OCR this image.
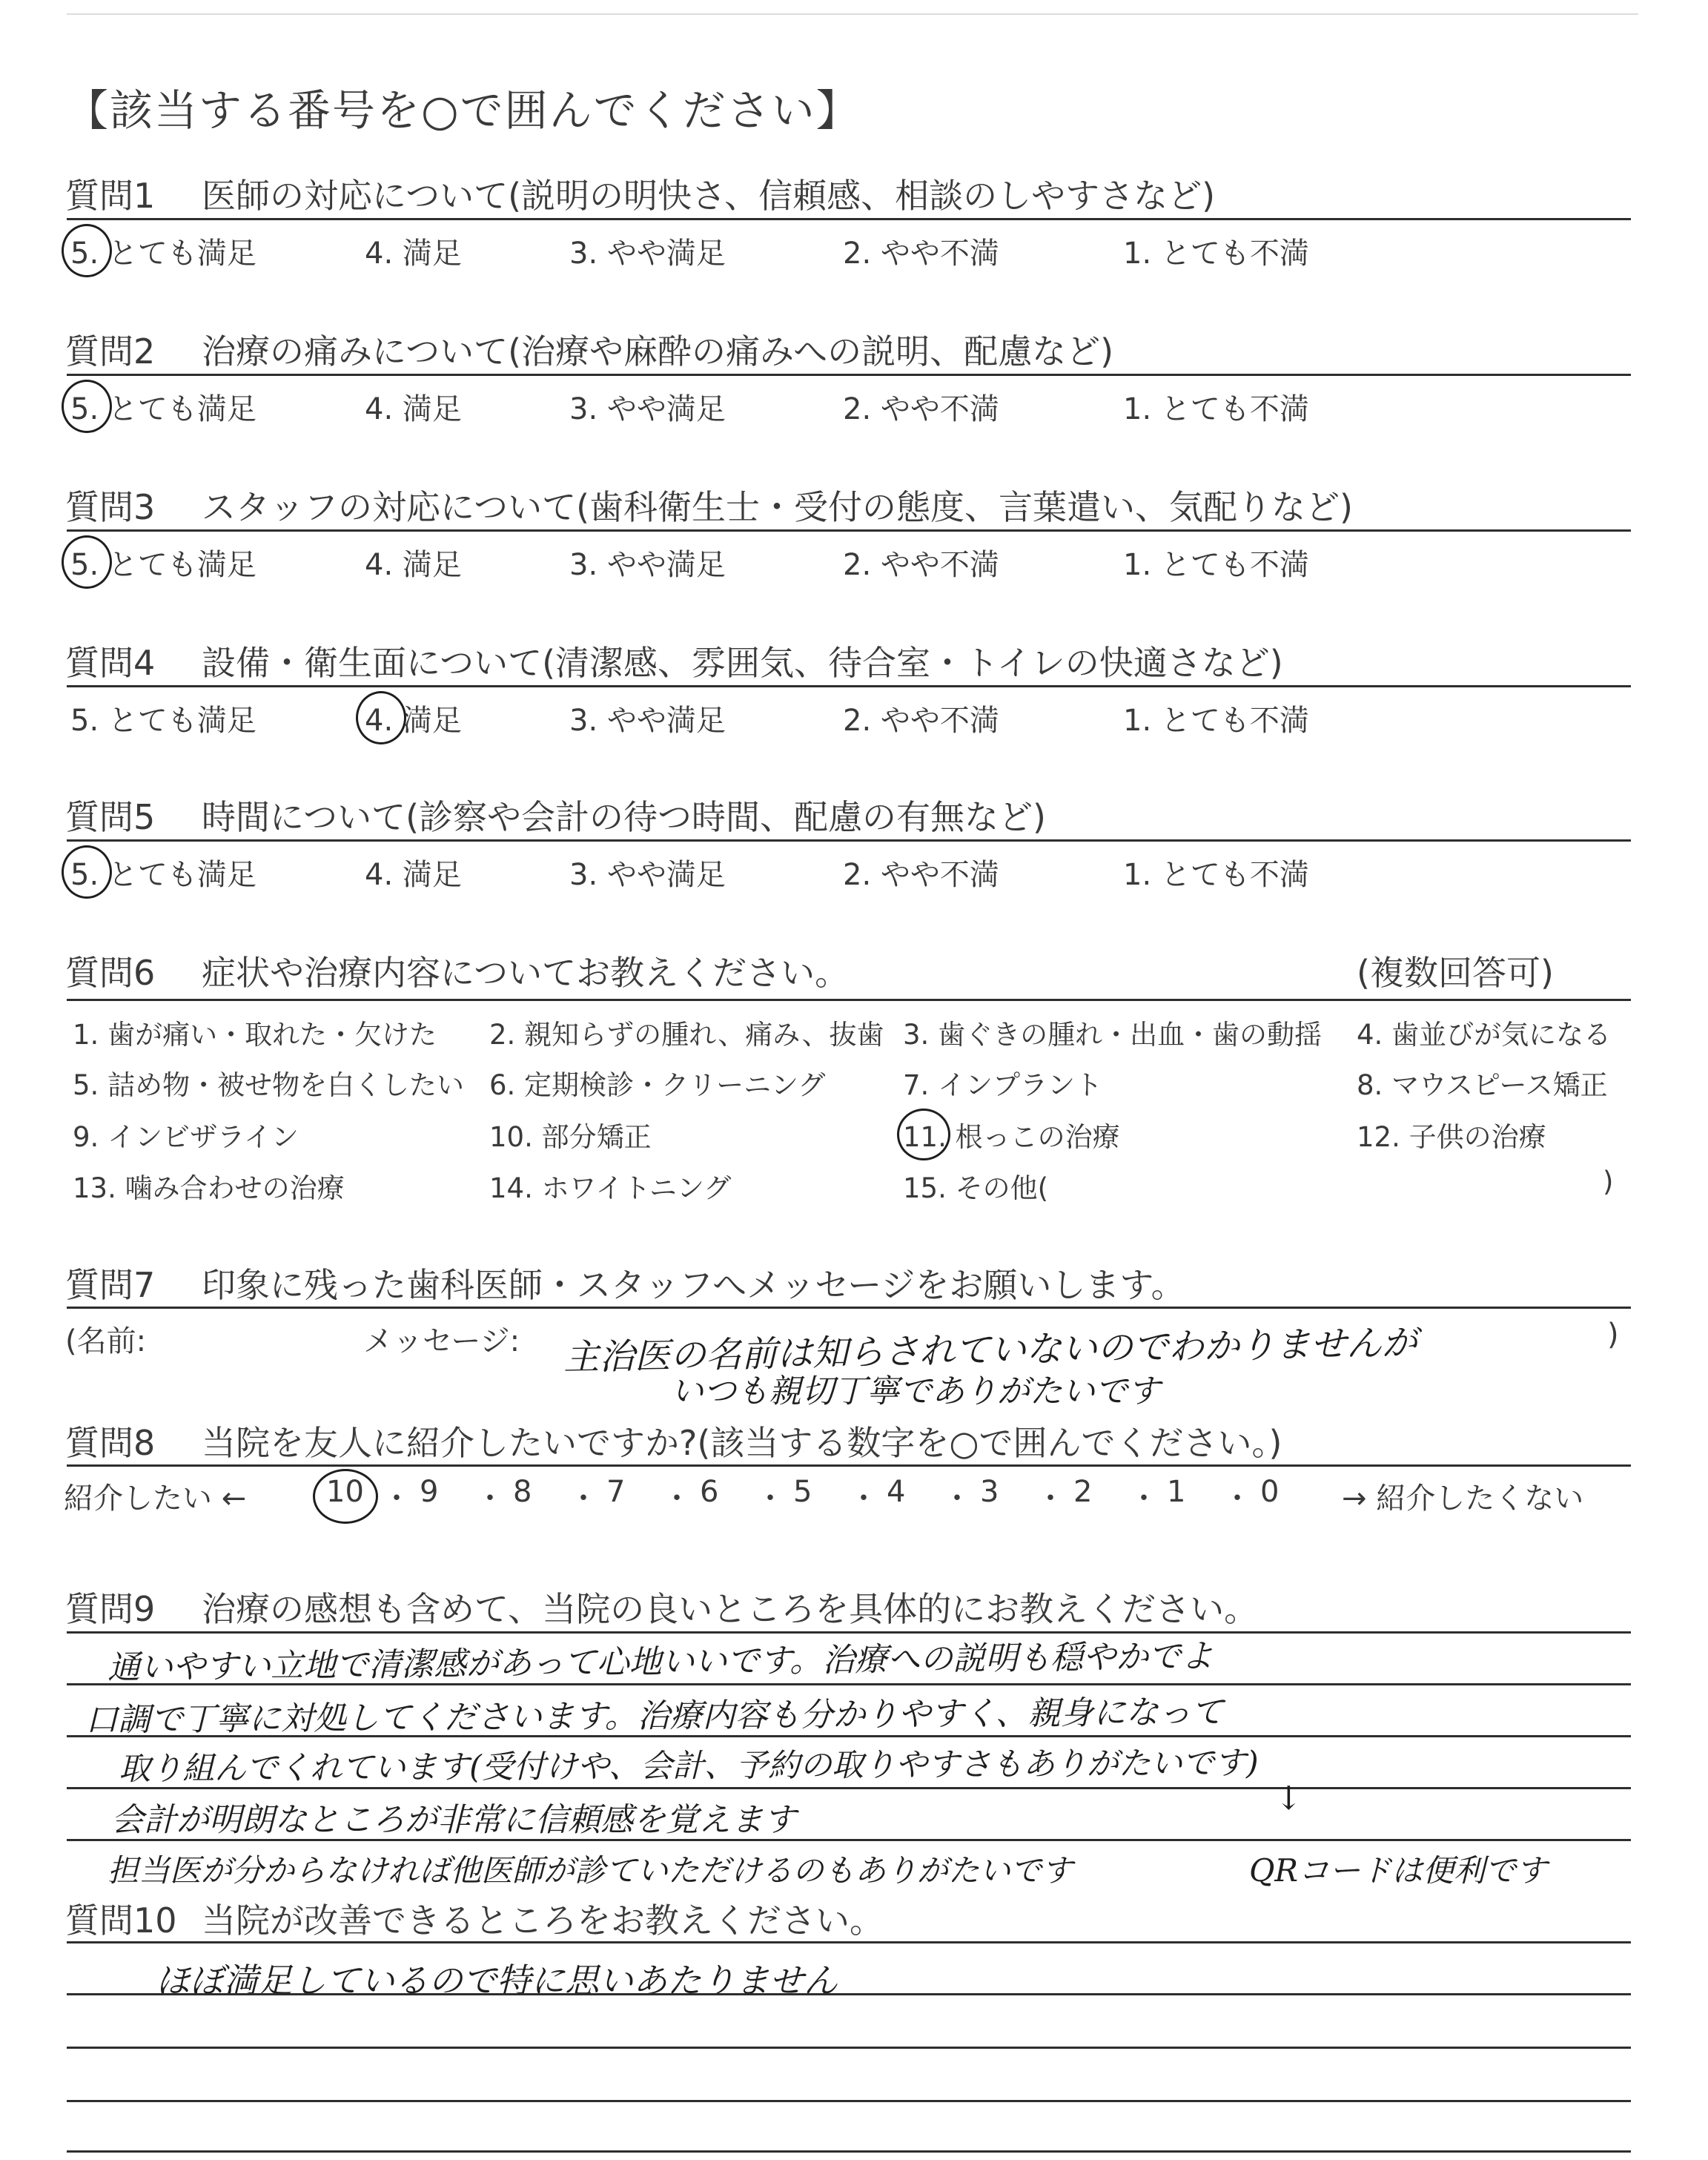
【該当する番号を○で囲んでください】
質問1 医師の対応について(説明の明快さ、信頼感、相談のしやすさなど)
5. とても満足	4. 満足	3. やや満足	2. やや不満	1. とても不満
質問2 治療の痛みについて(治療や麻酔の痛みへの説明、配慮など)
5. とても満足	4. 満足	3. やや満足	2. やや不満	1. とても不満
質問3 スタッフの対応について(歯科衛生士・受付の態度、言葉遣い、気配りなど)
5. とても満足	4. 満足	3. やや満足	2. やや不満	1. とても不満
質問4 設備・衛生面について(清潔感、雰囲気、待合室・トイレの快適さなど)
5. とても満足	4. 満足	3. やや満足	2. やや不満	1. とても不満
質問5 時間について(診察や会計の待つ時間、配慮の有無など)
5. とても満足	4. 満足	3. やや満足	2. やや不満	1. とても不満
質問6 症状や治療内容についてお教えください。	(複数回答可)
1. 歯が痛い・取れた・欠けた 2. 親知らずの腫れ、痛み、抜歯 3. 歯ぐきの腫れ・出血・歯の動揺 4. 歯並びが気になる
5. 詰め物・被せ物を白くしたい 6. 定期検診・クリーニング	7. インプラント	8. マウスピース矯正
9. インビザライン	10. 部分矯正	11. 根っこの治療	12. 子供の治療
13. 噛み合わせの治療	14. ホワイトニング	15. その他(	)
質問7 印象に残った歯科医師・スタッフへメッセージをお願いします。
(名前:	メッセージ:	)
主治医の名前は知らされていないのでわかりませんが
いつも親切丁寧でありがたいです
質問8 当院を友人に紹介したいですか?(該当する数字を○で囲んでください。)
紹介したい ←	10 ・ 9 ・ 8 ・ 7 ・ 6 ・ 5 ・ 4 ・ 3 ・ 2 ・ 1 ・ 0 → 紹介したくない
質問9 治療の感想も含めて、当院の良いところを具体的にお教えください。
通いやすい立地で清潔感があって心地いいです。治療への説明も穏やかでよ
口調で丁寧に対処してくださいます。治療内容も分かりやすく、親身になって
取り組んでくれています(受付けや、会計、予約の取りやすさもありがたいです)
会計が明朗なところが非常に信頼感を覚えます
↓
担当医が分からなければ他医師が診ていただけるのもありがたいです	QRコードは便利です
質問10 当院が改善できるところをお教えください。
ほぼ満足しているので特に思いあたりません
